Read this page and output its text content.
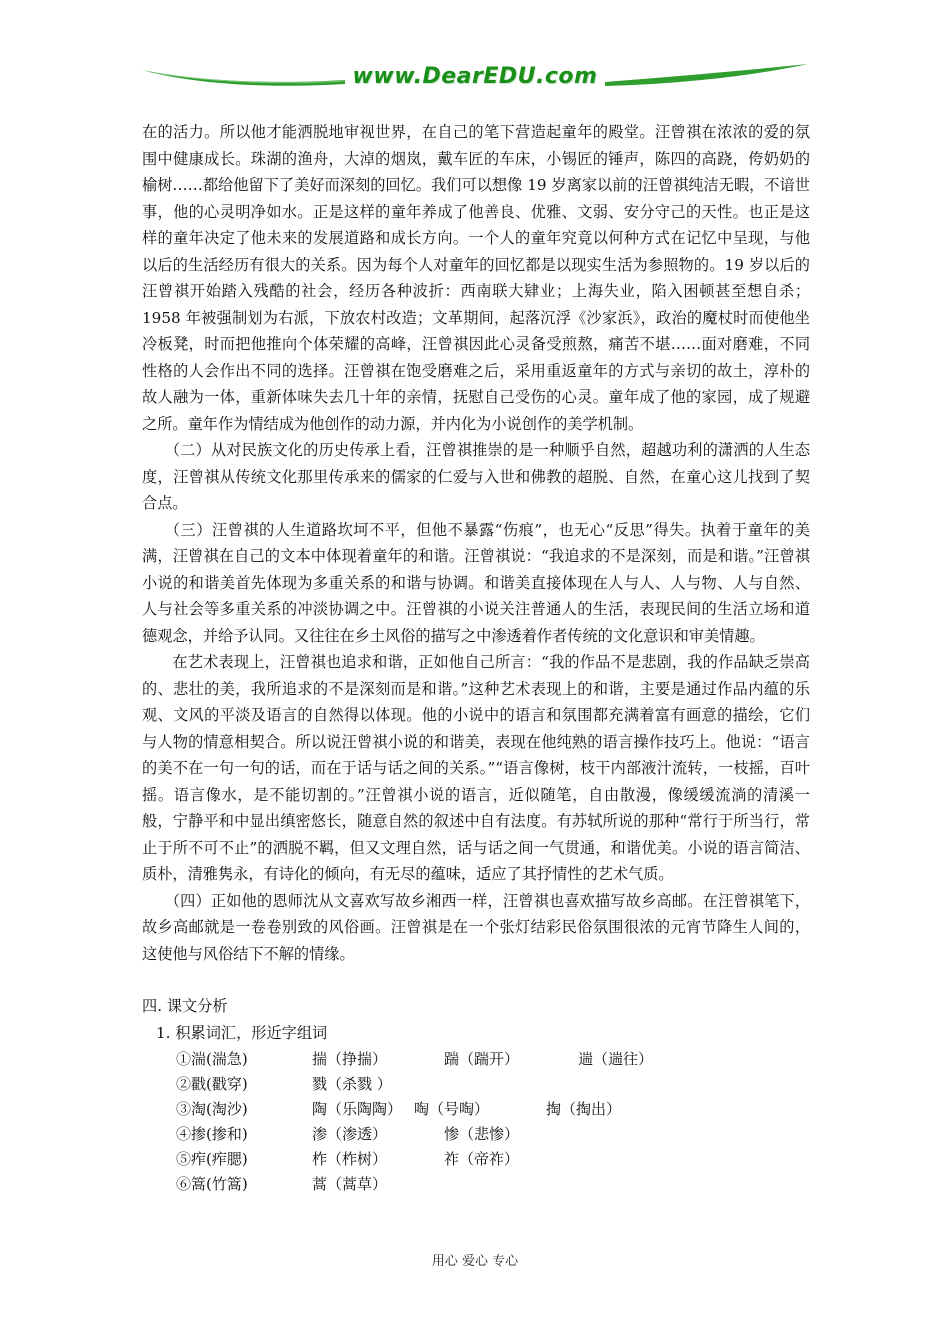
www.DearEDU.com

在的活力。所以他才能洒脱地审视世界，在自己的笔下营造起童年的殿堂。汪曾祺在浓浓的爱的氛围中健康成长。珠湖的渔舟，大淖的烟岚，戴车匠的车床，小锡匠的锤声，陈四的高跷，侉奶奶的榆树……都给他留下了美好而深刻的回忆。我们可以想像 19 岁离家以前的汪曾祺纯洁无暇，不谙世事，他的心灵明净如水。正是这样的童年养成了他善良、优雅、文弱、安分守己的天性。也正是这样的童年决定了他未来的发展道路和成长方向。一个人的童年究竟以何种方式在记忆中呈现，与他以后的生活经历有很大的关系。因为每个人对童年的回忆都是以现实生活为参照物的。19 岁以后的汪曾祺开始踏入残酷的社会，经历各种波折：西南联大肄业；上海失业，陷入困顿甚至想自杀；1958 年被强制划为右派，下放农村改造；文革期间，起落沉浮《沙家浜》，政治的魔杖时而使他坐冷板凳，时而把他推向个体荣耀的高峰，汪曾祺因此心灵备受煎熬，痛苦不堪……面对磨难，不同性格的人会作出不同的选择。汪曾祺在饱受磨难之后，采用重返童年的方式与亲切的故土，淳朴的故人融为一体，重新体味失去几十年的亲情，抚慰自己受伤的心灵。童年成了他的家园，成了规避之所。童年作为情结成为他创作的动力源，并内化为小说创作的美学机制。

（二）从对民族文化的历史传承上看，汪曾祺推崇的是一种顺乎自然，超越功利的潇洒的人生态度，汪曾祺从传统文化那里传承来的儒家的仁爱与入世和佛教的超脱、自然，在童心这儿找到了契合点。

（三）汪曾祺的人生道路坎坷不平，但他不暴露“伤痕”，也无心“反思”得失。执着于童年的美满，汪曾祺在自己的文本中体现着童年的和谐。汪曾祺说：“我追求的不是深刻，而是和谐。”汪曾祺小说的和谐美首先体现为多重关系的和谐与协调。和谐美直接体现在人与人、人与物、人与自然、人与社会等多重关系的冲淡协调之中。汪曾祺的小说关注普通人的生活，表现民间的生活立场和道德观念，并给予认同。又往往在乡土风俗的描写之中渗透着作者传统的文化意识和审美情趣。

在艺术表现上，汪曾祺也追求和谐，正如他自己所言：“我的作品不是悲剧，我的作品缺乏崇高的、悲壮的美，我所追求的不是深刻而是和谐。”这种艺术表现上的和谐，主要是通过作品内蕴的乐观、文风的平淡及语言的自然得以体现。他的小说中的语言和氛围都充满着富有画意的描绘，它们与人物的情意相契合。所以说汪曾祺小说的和谐美，表现在他纯熟的语言操作技巧上。他说：“语言的美不在一句一句的话，而在于话与话之间的关系。”“语言像树，枝干内部液汁流转，一枝摇，百叶摇。语言像水，是不能切割的。”汪曾祺小说的语言，近似随笔，自由散漫，像缓缓流淌的清溪一般，宁静平和中显出缜密悠长，随意自然的叙述中自有法度。有苏轼所说的那种“常行于所当行，常止于所不可不止”的洒脱不羁，但又文理自然，话与话之间一气贯通，和谐优美。小说的语言简洁、质朴，清雅隽永，有诗化的倾向，有无尽的蕴味，适应了其抒情性的艺术气质。

（四）正如他的恩师沈从文喜欢写故乡湘西一样，汪曾祺也喜欢描写故乡高邮。在汪曾祺笔下，故乡高邮就是一卷卷别致的风俗画。汪曾祺是在一个张灯结彩民俗氛围很浓的元宵节降生人间的，这使他与风俗结下不解的情缘。

四. 课文分析

1. 积累词汇，形近字组词

①湍(湍急)	揣（挣揣）	踹（踹开）	遄（遄往）
②戳(戳穿)	戮（杀戮 ）
③淘(淘沙)	陶（乐陶陶） 啕（号啕）	掏（掏出）
④掺(掺和)	渗（渗透）	惨（悲惨）
⑤痄(痄腮)	柞（柞树）	祚（帝祚）
⑥篙(竹篙)	蒿（蒿草）
用心 爱心 专心
